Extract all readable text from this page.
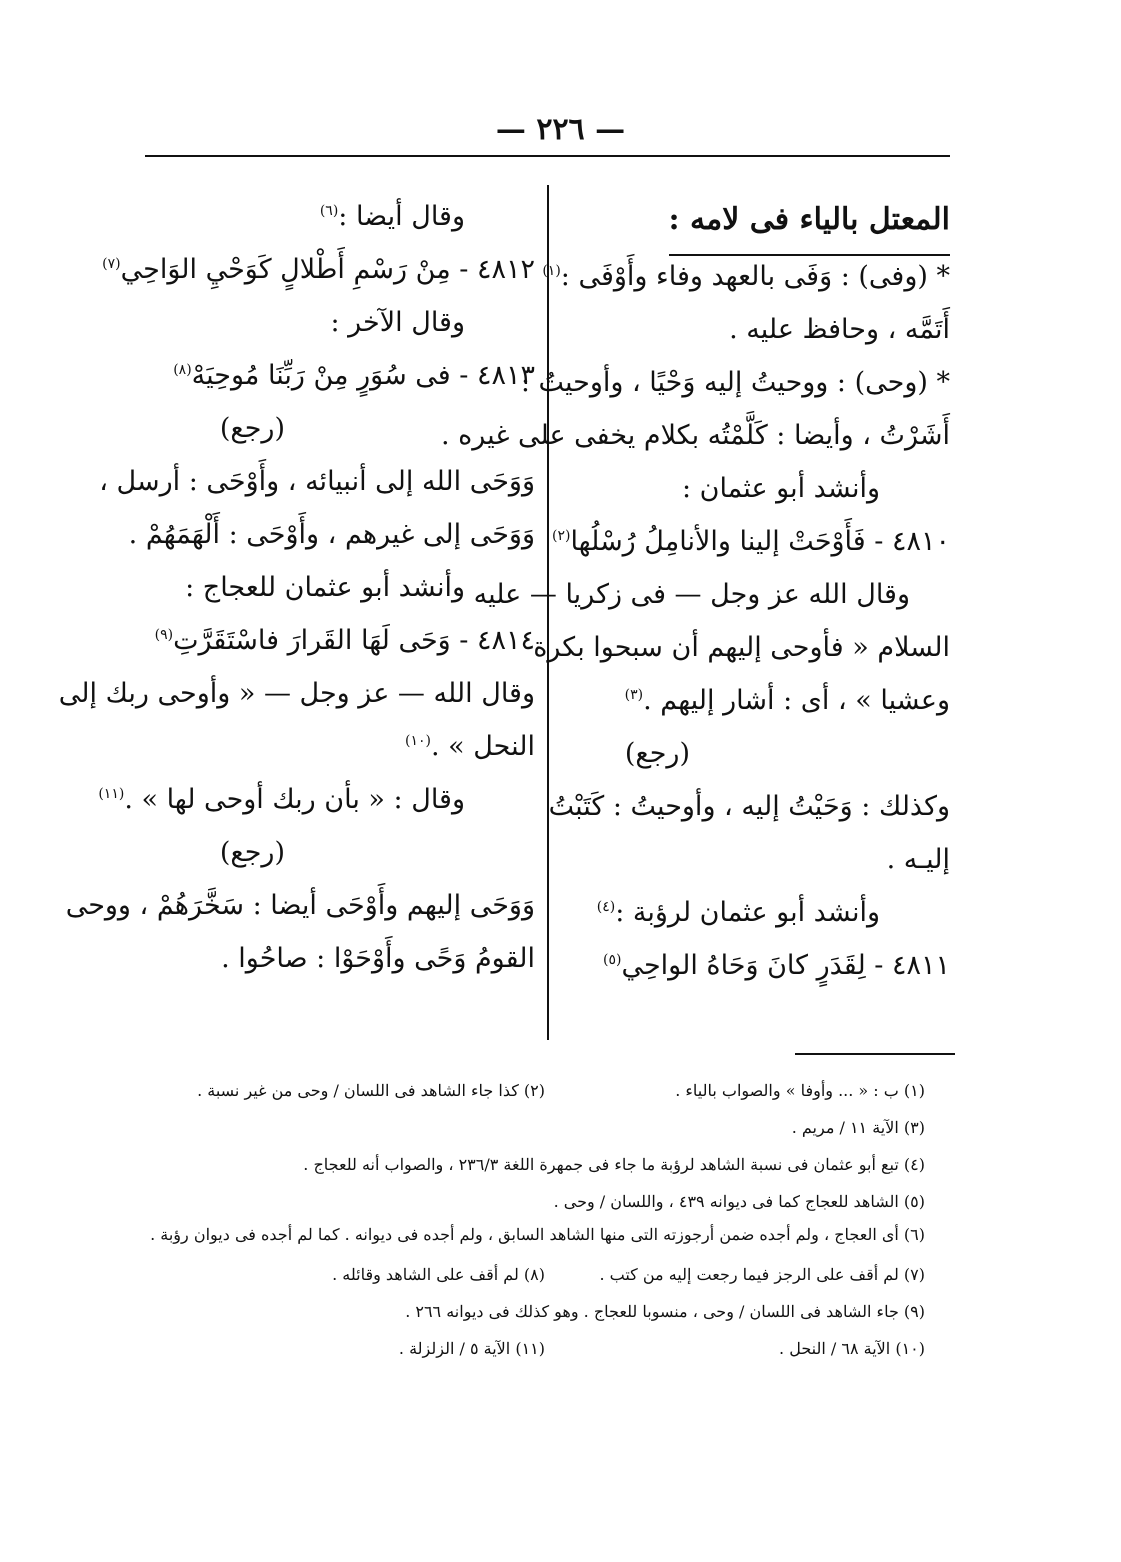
— ٢٢٦ —
المعتل بالياء فى لامه :
* (وفى) : وَفَى بالعهد وفاء وأَوْفَى :$^{(١)}$
أَتَمَّه ، وحافظ عليه .
* (وحى) : ووحيتُ إليه وَحْيًا ، وأوحيتُ :
أَشَرْتُ ، وأيضا : كَلَّمْتُه بكلام يخفى على غيره .
وأنشد أبو عثمان :
٤٨١٠ - فَأَوْحَتْ إلينا والأنامِلُ رُسْلُها$^{(٢)}$
وقال الله عز وجل — فى زكريا — عليه
السلام « فأوحى إليهم أن سبحوا بكرة
وعشيا » ، أى : أشار إليهم .$^{(٣)}$
(رجع)
وكذلك : وَحَيْتُ إليه ، وأوحيتُ : كَتَبْتُ
إليـه .
وأنشد أبو عثمان لرؤبة :$^{(٤)}$
٤٨١١ - لِقَدَرٍ كانَ وَحَاهُ الواحِي$^{(٥)}$
وقال أيضا :$^{(٦)}$
٤٨١٢ - مِنْ رَسْمِ أَطْلالٍ كَوَحْيِ الوَاحِي$^{(٧)}$
وقال الآخر :
٤٨١٣ - فى سُوَرٍ مِنْ رَبِّنَا مُوحِيَهْ$^{(٨)}$
(رجع)
وَوَحَى الله إلى أنبيائه ، وأَوْحَى : أرسل ،
وَوَحَى إلى غيرهم ، وأَوْحَى : أَلْهَمَهُمْ .
وأنشد أبو عثمان للعجاج :
٤٨١٤ - وَحَى لَهَا القَرارَ فاسْتَقَرَّتِ$^{(٩)}$
وقال الله — عز وجل — « وأوحى ربك إلى
النحل » .$^{(١٠)}$
وقال : « بأن ربك أوحى لها » .$^{(١١)}$
(رجع)
وَوَحَى إليهم وأَوْحَى أيضا : سَخَّرَهُمْ ، ووحى
القومُ وَحًى وأَوْحَوْا : صاحُوا .
(١) ب : « ... وأوفا » والصواب بالياء .(٢) كذا جاء الشاهد فى اللسان / وحى من غير نسبة .
(٣) الآية ١١ / مريم .
(٤) تبع أبو عثمان فى نسبة الشاهد لرؤبة ما جاء فى جمهرة اللغة ٢٣٦/٣ ، والصواب أنه للعجاج .
(٥) الشاهد للعجاج كما فى ديوانه ٤٣٩ ، واللسان / وحى .
(٦) أى العجاج ، ولم أجده ضمن أرجوزته التى منها الشاهد السابق ، ولم أجده فى ديوانه . كما لم أجده فى ديوان رؤبة .
(٧) لم أقف على الرجز فيما رجعت إليه من كتب .(٨) لم أقف على الشاهد وقائله .
(٩) جاء الشاهد فى اللسان / وحى ، منسوبا للعجاج . وهو كذلك فى ديوانه ٢٦٦ .
(١٠) الآية ٦٨ / النحل .(١١) الآية ٥ / الزلزلة .
